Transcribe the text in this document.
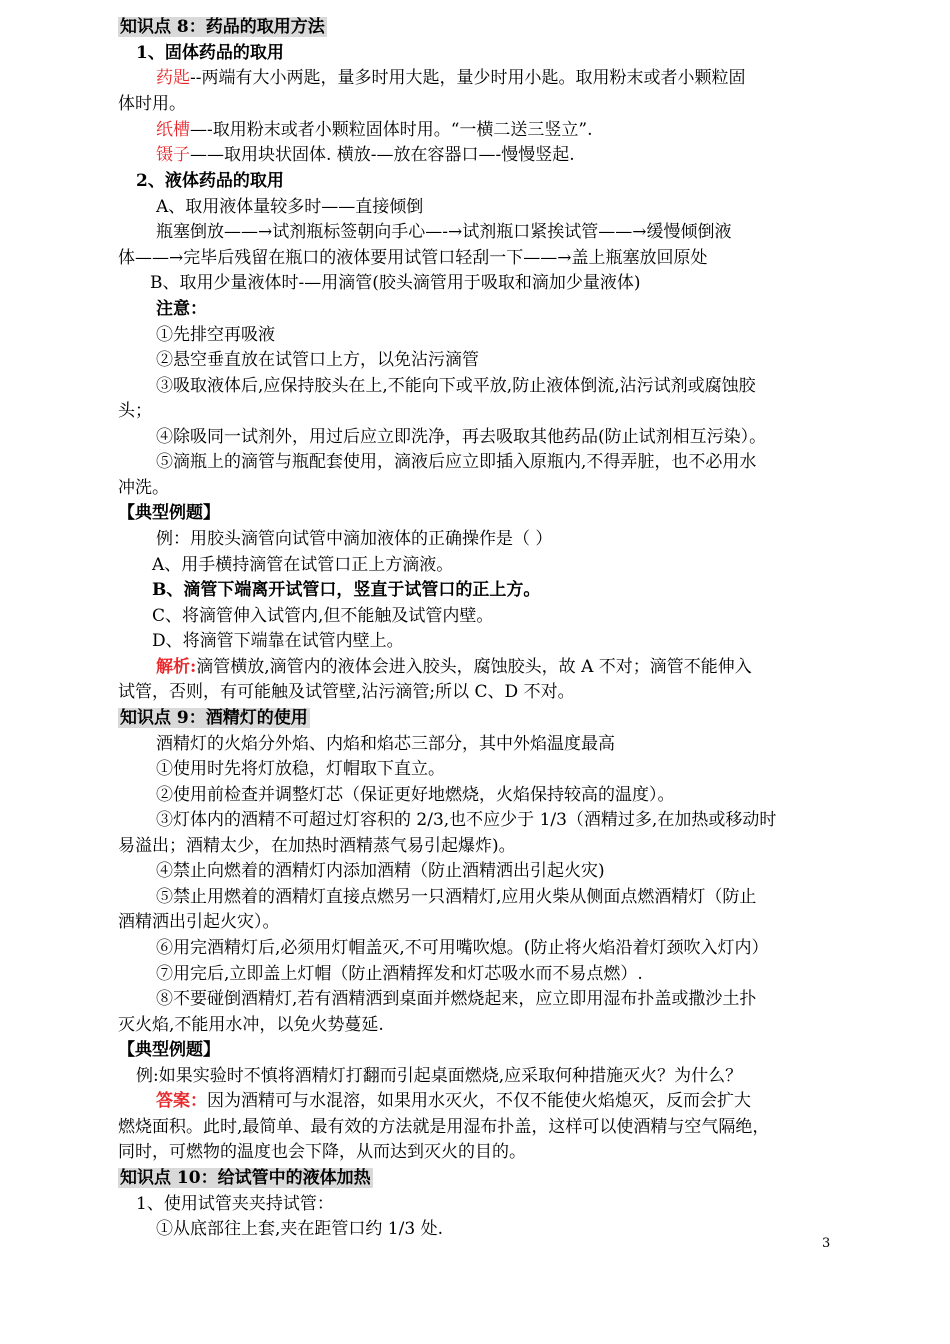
知识点 8：药品的取用方法
1、固体药品的取用
药匙--两端有大小两匙，量多时用大匙，量少时用小匙。取用粉末或者小颗粒固
体时用。
纸槽—-取用粉末或者小颗粒固体时用。“一横二送三竖立”.
镊子——取用块状固体. 横放-—放在容器口—-慢慢竖起.
2、液体药品的取用
A、取用液体量较多时——直接倾倒
瓶塞倒放——→试剂瓶标签朝向手心—-→试剂瓶口紧挨试管——→缓慢倾倒液
体——→完毕后残留在瓶口的液体要用试管口轻刮一下——→盖上瓶塞放回原处
B、取用少量液体时-—用滴管(胶头滴管用于吸取和滴加少量液体)
注意：
①先排空再吸液
②悬空垂直放在试管口上方，以免沾污滴管
③吸取液体后,应保持胶头在上,不能向下或平放,防止液体倒流,沾污试剂或腐蚀胶
头；
④除吸同一试剂外，用过后应立即洗净，再去吸取其他药品(防止试剂相互污染）。
⑤滴瓶上的滴管与瓶配套使用，滴液后应立即插入原瓶内,不得弄脏，也不必用水
冲洗。
【典型例题】
例：用胶头滴管向试管中滴加液体的正确操作是（ ）
A、用手横持滴管在试管口正上方滴液。
B、滴管下端离开试管口，竖直于试管口的正上方。
C、将滴管伸入试管内,但不能触及试管内壁。
D、将滴管下端靠在试管内壁上。
解析:滴管横放,滴管内的液体会进入胶头，腐蚀胶头，故 A 不对；滴管不能伸入
试管，否则，有可能触及试管壁,沾污滴管;所以 C、D 不对。
知识点 9：酒精灯的使用
酒精灯的火焰分外焰、内焰和焰芯三部分，其中外焰温度最高
①使用时先将灯放稳，灯帽取下直立。
②使用前检查并调整灯芯（保证更好地燃烧，火焰保持较高的温度）。
③灯体内的酒精不可超过灯容积的 2/3,也不应少于 1/3（酒精过多,在加热或移动时
易溢出；酒精太少，在加热时酒精蒸气易引起爆炸)。
④禁止向燃着的酒精灯内添加酒精（防止酒精洒出引起火灾)
⑤禁止用燃着的酒精灯直接点燃另一只酒精灯,应用火柴从侧面点燃酒精灯（防止
酒精洒出引起火灾）。
⑥用完酒精灯后,必须用灯帽盖灭,不可用嘴吹熄。(防止将火焰沿着灯颈吹入灯内）
⑦用完后,立即盖上灯帽（防止酒精挥发和灯芯吸水而不易点燃）.
⑧不要碰倒酒精灯,若有酒精洒到桌面并燃烧起来，应立即用湿布扑盖或撒沙土扑
灭火焰,不能用水冲，以免火势蔓延.
【典型例题】
例:如果实验时不慎将酒精灯打翻而引起桌面燃烧,应采取何种措施灭火？为什么？
答案：因为酒精可与水混溶，如果用水灭火，不仅不能使火焰熄灭，反而会扩大
燃烧面积。此时,最简单、最有效的方法就是用湿布扑盖，这样可以使酒精与空气隔绝，
同时，可燃物的温度也会下降，从而达到灭火的目的。
知识点 10：给试管中的液体加热
1、使用试管夹夹持试管：
①从底部往上套,夹在距管口约 1/3 处.
3
